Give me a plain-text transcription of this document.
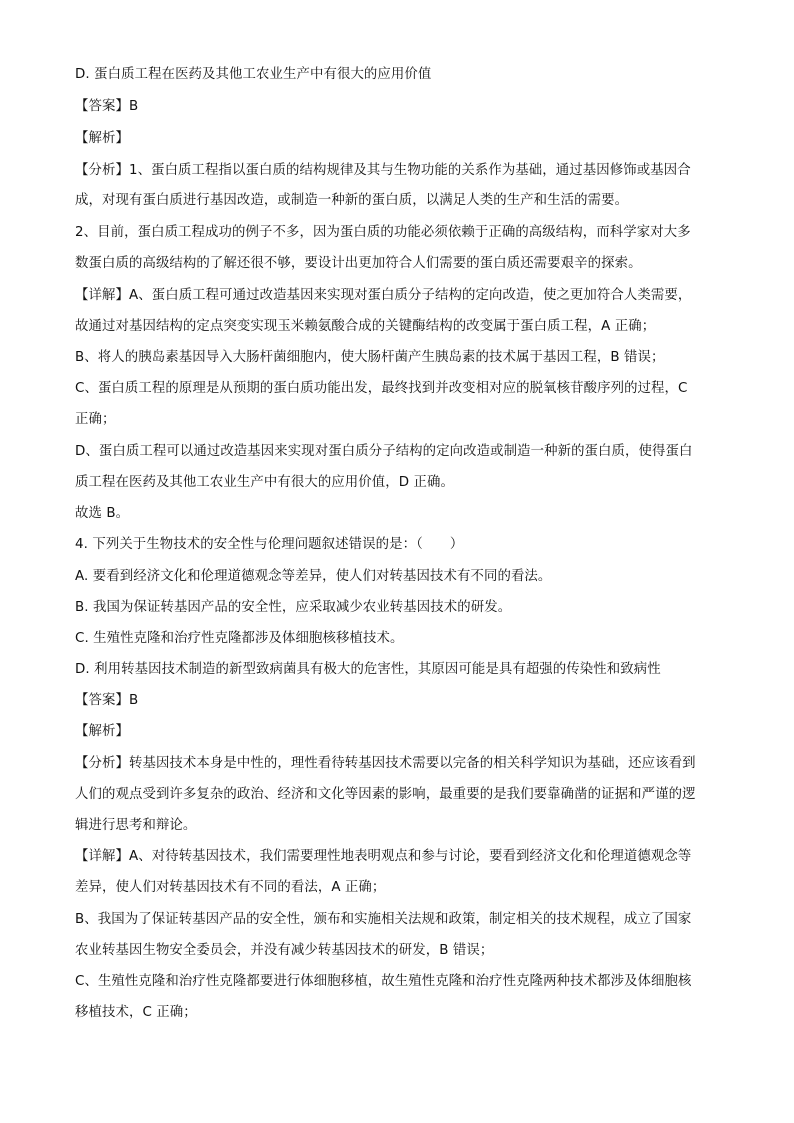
D. 蛋白质工程在医药及其他工农业生产中有很大的应用价值
【答案】B
【解析】
【分析】1、蛋白质工程指以蛋白质的结构规律及其与生物功能的关系作为基础，通过基因修饰或基因合
成，对现有蛋白质进行基因改造，或制造一种新的蛋白质，以满足人类的生产和生活的需要。
2、目前，蛋白质工程成功的例子不多，因为蛋白质的功能必须依赖于正确的高级结构，而科学家对大多
数蛋白质的高级结构的了解还很不够，要设计出更加符合人们需要的蛋白质还需要艰辛的探索。
【详解】A、蛋白质工程可通过改造基因来实现对蛋白质分子结构的定向改造，使之更加符合人类需要，
故通过对基因结构的定点突变实现玉米赖氨酸合成的关键酶结构的改变属于蛋白质工程，A 正确；
B、将人的胰岛素基因导入大肠杆菌细胞内，使大肠杆菌产生胰岛素的技术属于基因工程，B 错误；
C、蛋白质工程的原理是从预期的蛋白质功能出发，最终找到并改变相对应的脱氧核苷酸序列的过程，C
正确；
D、蛋白质工程可以通过改造基因来实现对蛋白质分子结构的定向改造或制造一种新的蛋白质，使得蛋白
质工程在医药及其他工农业生产中有很大的应用价值，D 正确。
故选 B。
4. 下列关于生物技术的安全性与伦理问题叙述错误的是：（　　）
A. 要看到经济文化和伦理道德观念等差异，使人们对转基因技术有不同的看法。
B. 我国为保证转基因产品的安全性，应采取减少农业转基因技术的研发。
C. 生殖性克隆和治疗性克隆都涉及体细胞核移植技术。
D. 利用转基因技术制造的新型致病菌具有极大的危害性，其原因可能是具有超强的传染性和致病性
【答案】B
【解析】
【分析】转基因技术本身是中性的，理性看待转基因技术需要以完备的相关科学知识为基础，还应该看到
人们的观点受到许多复杂的政治、经济和文化等因素的影响，最重要的是我们要靠确凿的证据和严谨的逻
辑进行思考和辩论。
【详解】A、对待转基因技术，我们需要理性地表明观点和参与讨论，要看到经济文化和伦理道德观念等
差异，使人们对转基因技术有不同的看法，A 正确；
B、我国为了保证转基因产品的安全性，颁布和实施相关法规和政策，制定相关的技术规程，成立了国家
农业转基因生物安全委员会，并没有减少转基因技术的研发，B 错误；
C、生殖性克隆和治疗性克隆都要进行体细胞移植，故生殖性克隆和治疗性克隆两种技术都涉及体细胞核
移植技术，C 正确；
